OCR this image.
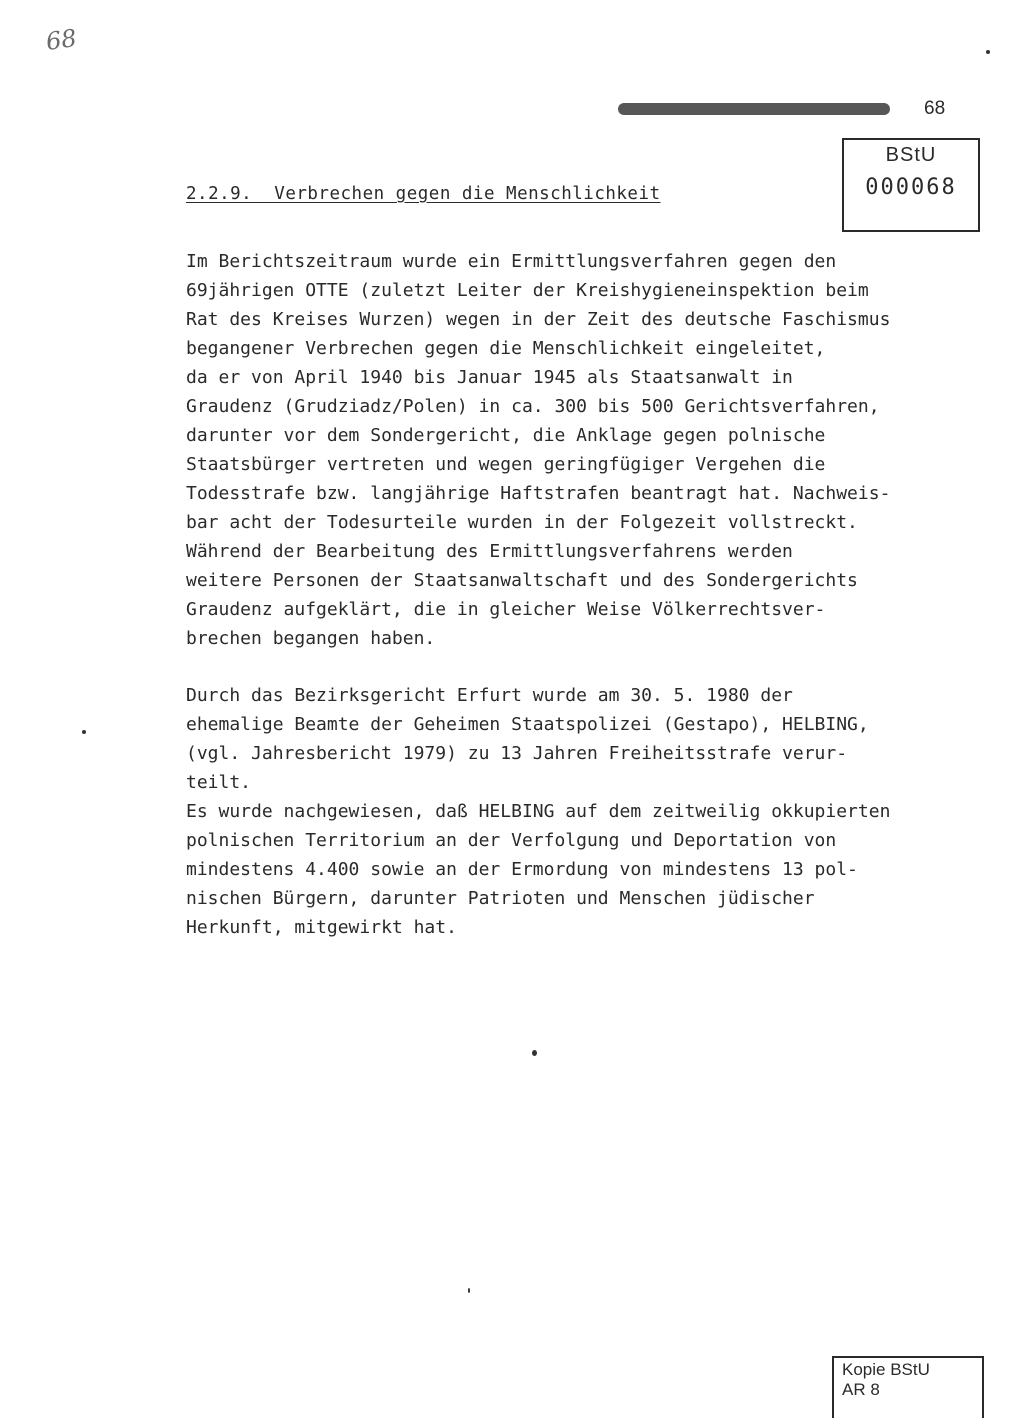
68
68
BStU
000068
2.2.9.  Verbrechen gegen die Menschlichkeit
Im Berichtszeitraum wurde ein Ermittlungsverfahren gegen den
69jährigen OTTE (zuletzt Leiter der Kreishygieneinspektion beim
Rat des Kreises Wurzen) wegen in der Zeit des deutsche Faschismus
begangener Verbrechen gegen die Menschlichkeit eingeleitet,
da er von April 1940 bis Januar 1945 als Staatsanwalt in
Graudenz (Grudziadz/Polen) in ca. 300 bis 500 Gerichtsverfahren,
darunter vor dem Sondergericht, die Anklage gegen polnische
Staatsbürger vertreten und wegen geringfügiger Vergehen die
Todesstrafe bzw. langjährige Haftstrafen beantragt hat. Nachweis-
bar acht der Todesurteile wurden in der Folgezeit vollstreckt.
Während der Bearbeitung des Ermittlungsverfahrens werden
weitere Personen der Staatsanwaltschaft und des Sondergerichts
Graudenz aufgeklärt, die in gleicher Weise Völkerrechtsver-
brechen begangen haben.
Durch das Bezirksgericht Erfurt wurde am 30. 5. 1980 der
ehemalige Beamte der Geheimen Staatspolizei (Gestapo), HELBING,
(vgl. Jahresbericht 1979) zu 13 Jahren Freiheitsstrafe verur-
teilt.
Es wurde nachgewiesen, daß HELBING auf dem zeitweilig okkupierten
polnischen Territorium an der Verfolgung und Deportation von
mindestens 4.400 sowie an der Ermordung von mindestens 13 pol-
nischen Bürgern, darunter Patrioten und Menschen jüdischer
Herkunft, mitgewirkt hat.
Kopie BStU
AR 8
